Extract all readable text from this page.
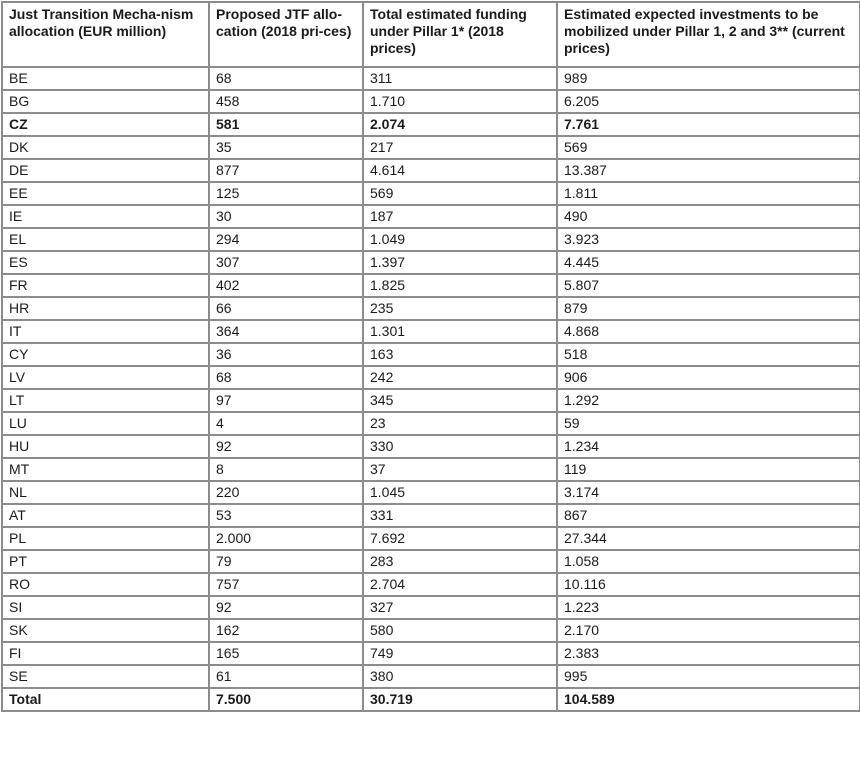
Just Transition Mecha-nism allocation (EUR million)	Proposed JTF allo-cation (2018 pri-ces)	Total estimated funding under Pillar 1* (2018 prices)	Estimated expected investments to be mobilized under Pillar 1, 2 and 3** (current prices)
BE	68	311	989
BG	458	1.710	6.205
CZ	581	2.074	7.761
DK	35	217	569
DE	877	4.614	13.387
EE	125	569	1.811
IE	30	187	490
EL	294	1.049	3.923
ES	307	1.397	4.445
FR	402	1.825	5.807
HR	66	235	879
IT	364	1.301	4.868
CY	36	163	518
LV	68	242	906
LT	97	345	1.292
LU	4	23	59
HU	92	330	1.234
MT	8	37	119
NL	220	1.045	3.174
AT	53	331	867
PL	2.000	7.692	27.344
PT	79	283	1.058
RO	757	2.704	10.116
SI	92	327	1.223
SK	162	580	2.170
FI	165	749	2.383
SE	61	380	995
Total	7.500	30.719	104.589
